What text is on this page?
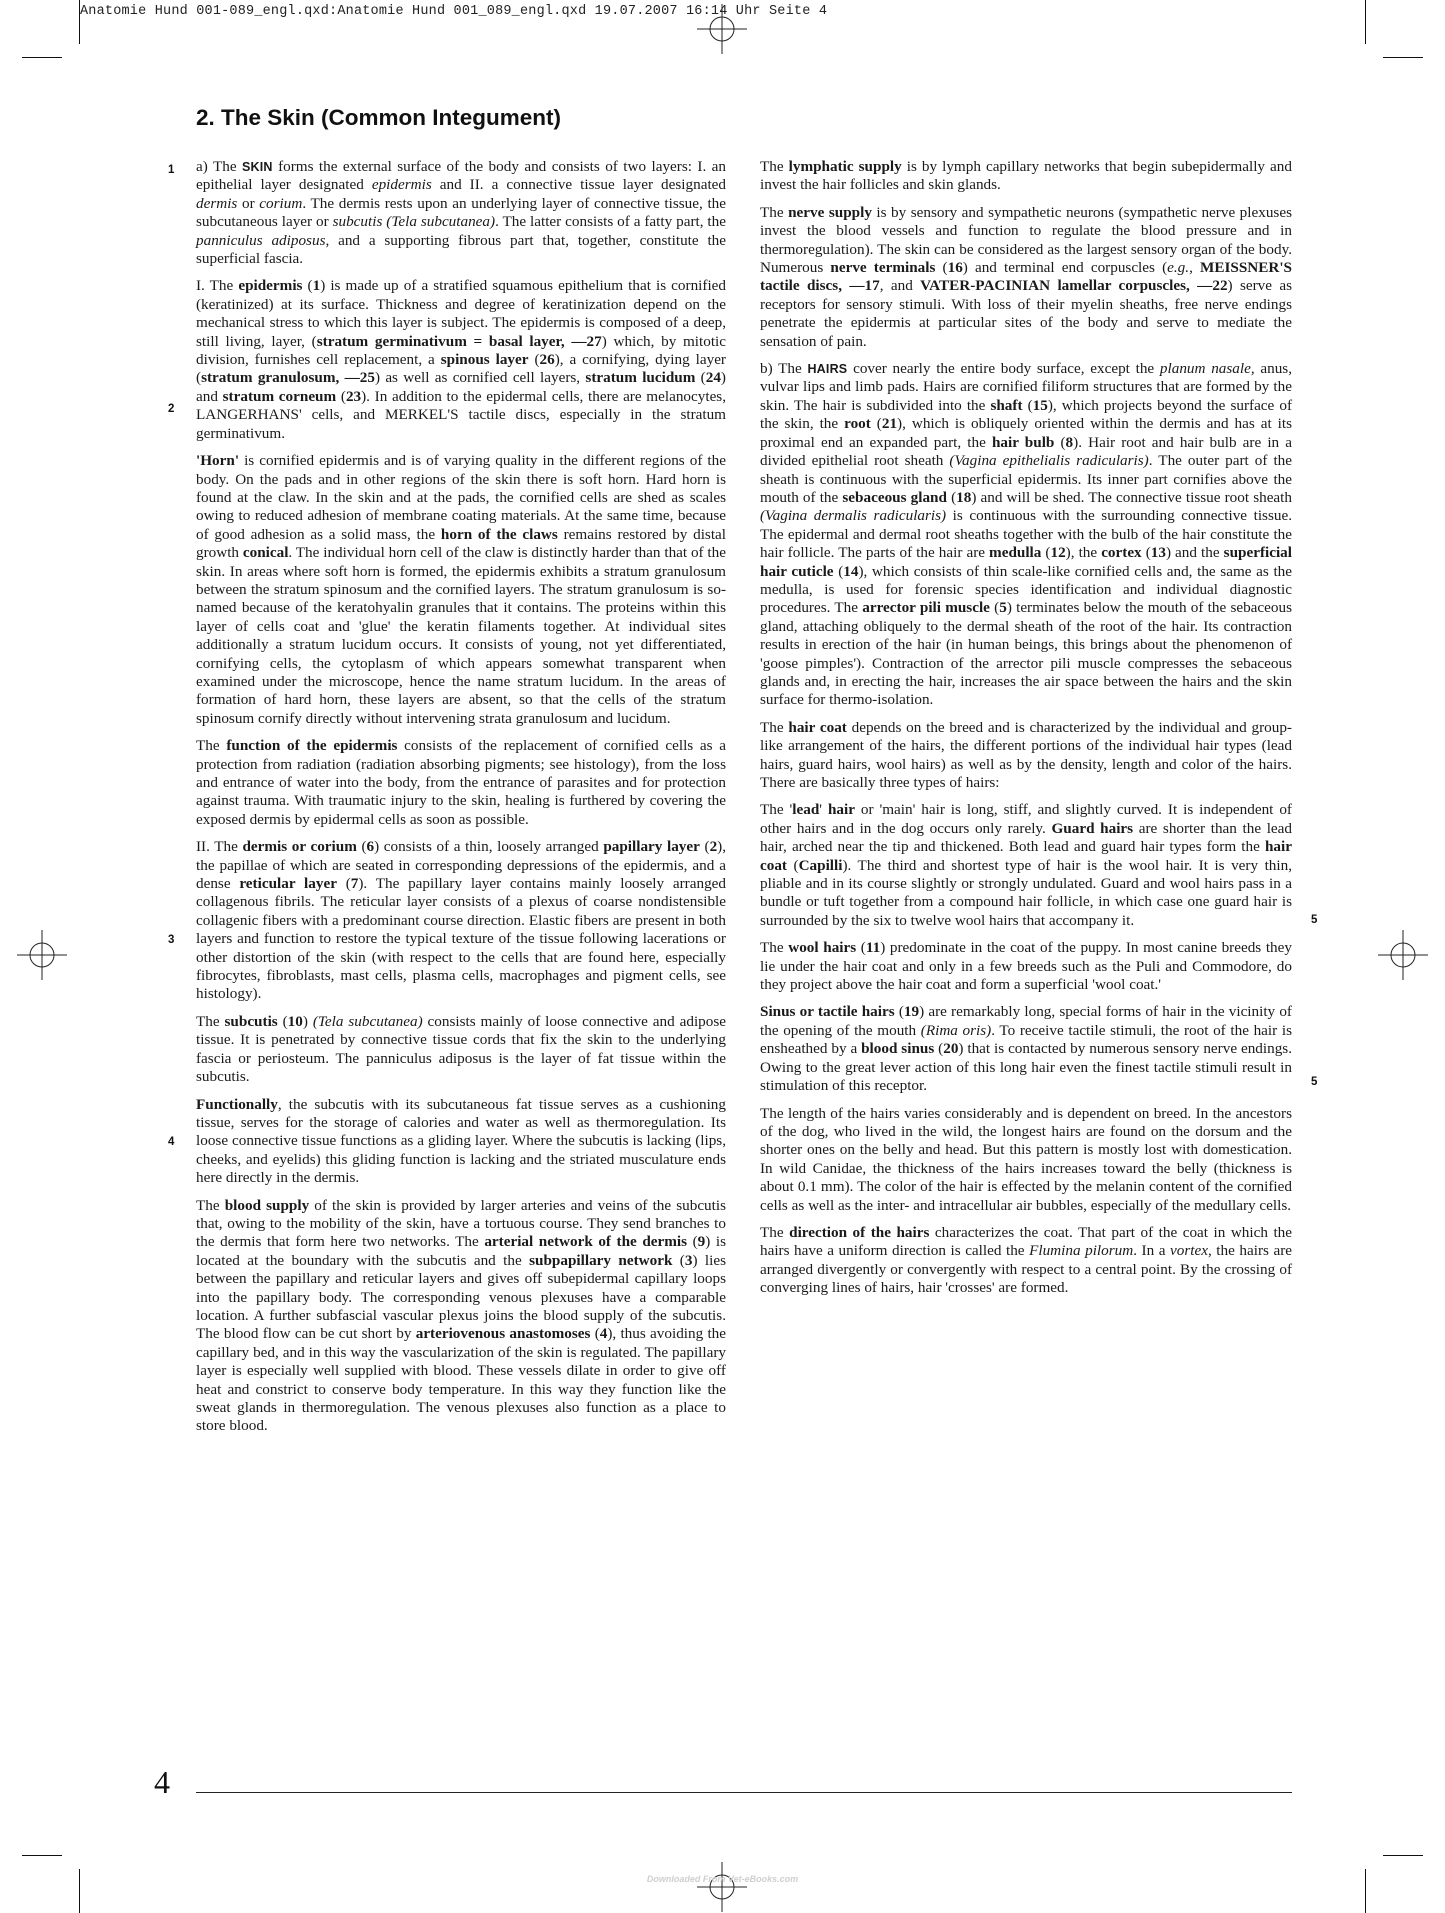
Anatomie Hund 001-089_engl.qxd:Anatomie Hund 001_089_engl.qxd 19.07.2007 16:14 Uhr Seite 4
2. The Skin (Common Integument)
1
2
3
4
5
5

a) The SKIN forms the external surface of the body and consists of two layers: I. an epithelial layer designated epidermis and II. a connective tissue layer designated dermis or corium. The dermis rests upon an underlying layer of connective tissue, the subcutaneous layer or subcutis (Tela subcutanea). The latter consists of a fatty part, the panniculus adiposus, and a supporting fibrous part that, together, constitute the superficial fascia.

I. The epidermis (1) is made up of a stratified squamous epithelium that is cornified (keratinized) at its surface. Thickness and degree of keratinization depend on the mechanical stress to which this layer is subject. The epidermis is composed of a deep, still living, layer, (stratum germinativum = basal layer, —27) which, by mitotic division, furnishes cell replacement, a spinous layer (26), a cornifying, dying layer (stratum granulosum, —25) as well as cornified cell layers, stratum lucidum (24) and stratum corneum (23). In addition to the epidermal cells, there are melanocytes, LANGERHANS' cells, and MERKEL'S tactile discs, especially in the stratum germinativum.

'Horn' is cornified epidermis and is of varying quality in the different regions of the body. On the pads and in other regions of the skin there is soft horn. Hard horn is found at the claw. In the skin and at the pads, the cornified cells are shed as scales owing to reduced adhesion of membrane coating materials. At the same time, because of good adhesion as a solid mass, the horn of the claws remains restored by distal growth conical. The individual horn cell of the claw is distinctly harder than that of the skin. In areas where soft horn is formed, the epidermis exhibits a stratum granulosum between the stratum spinosum and the cornified layers. The stratum granulosum is so-named because of the keratohyalin granules that it contains. The proteins within this layer of cells coat and 'glue' the keratin filaments together. At individual sites additionally a stratum lucidum occurs. It consists of young, not yet differentiated, cornifying cells, the cytoplasm of which appears somewhat transparent when examined under the microscope, hence the name stratum lucidum. In the areas of formation of hard horn, these layers are absent, so that the cells of the stratum spinosum cornify directly without intervening strata granulosum and lucidum.

The function of the epidermis consists of the replacement of cornified cells as a protection from radiation (radiation absorbing pigments; see histology), from the loss and entrance of water into the body, from the entrance of parasites and for protection against trauma. With traumatic injury to the skin, healing is furthered by covering the exposed dermis by epidermal cells as soon as possible.

II. The dermis or corium (6) consists of a thin, loosely arranged papillary layer (2), the papillae of which are seated in corresponding depressions of the epidermis, and a dense reticular layer (7). The papillary layer contains mainly loosely arranged collagenous fibrils. The reticular layer consists of a plexus of coarse nondistensible collagenic fibers with a predominant course direction. Elastic fibers are present in both layers and function to restore the typical texture of the tissue following lacerations or other distortion of the skin (with respect to the cells that are found here, especially fibrocytes, fibroblasts, mast cells, plasma cells, macrophages and pigment cells, see histology).

The subcutis (10) (Tela subcutanea) consists mainly of loose connective and adipose tissue. It is penetrated by connective tissue cords that fix the skin to the underlying fascia or periosteum. The panniculus adiposus is the layer of fat tissue within the subcutis.

Functionally, the subcutis with its subcutaneous fat tissue serves as a cushioning tissue, serves for the storage of calories and water as well as thermoregulation. Its loose connective tissue functions as a gliding layer. Where the subcutis is lacking (lips, cheeks, and eyelids) this gliding function is lacking and the striated musculature ends here directly in the dermis.

The blood supply of the skin is provided by larger arteries and veins of the subcutis that, owing to the mobility of the skin, have a tortuous course. They send branches to the dermis that form here two networks. The arterial network of the dermis (9) is located at the boundary with the subcutis and the subpapillary network (3) lies between the papillary and reticular layers and gives off subepidermal capillary loops into the papillary body. The corresponding venous plexuses have a comparable location. A further subfascial vascular plexus joins the blood supply of the subcutis. The blood flow can be cut short by arteriovenous anastomoses (4), thus avoiding the capillary bed, and in this way the vascularization of the skin is regulated. The papillary layer is especially well supplied with blood. These vessels dilate in order to give off heat and constrict to conserve body temperature. In this way they function like the sweat glands in thermoregulation. The venous plexuses also function as a place to store blood.

The lymphatic supply is by lymph capillary networks that begin subepidermally and invest the hair follicles and skin glands.

The nerve supply is by sensory and sympathetic neurons (sympathetic nerve plexuses invest the blood vessels and function to regulate the blood pressure and in thermoregulation). The skin can be considered as the largest sensory organ of the body. Numerous nerve terminals (16) and terminal end corpuscles (e.g., MEISSNER'S tactile discs, —17, and VATER-PACINIAN lamellar corpuscles, —22) serve as receptors for sensory stimuli. With loss of their myelin sheaths, free nerve endings penetrate the epidermis at particular sites of the body and serve to mediate the sensation of pain.

b) The HAIRS cover nearly the entire body surface, except the planum nasale, anus, vulvar lips and limb pads. Hairs are cornified filiform structures that are formed by the skin. The hair is subdivided into the shaft (15), which projects beyond the surface of the skin, the root (21), which is obliquely oriented within the dermis and has at its proximal end an expanded part, the hair bulb (8). Hair root and hair bulb are in a divided epithelial root sheath (Vagina epithelialis radicularis). The outer part of the sheath is continuous with the superficial epidermis. Its inner part cornifies above the mouth of the sebaceous gland (18) and will be shed. The connective tissue root sheath (Vagina dermalis radicularis) is continuous with the surrounding connective tissue. The epidermal and dermal root sheaths together with the bulb of the hair constitute the hair follicle. The parts of the hair are medulla (12), the cortex (13) and the superficial hair cuticle (14), which consists of thin scale-like cornified cells and, the same as the medulla, is used for forensic species identification and individual diagnostic procedures. The arrector pili muscle (5) terminates below the mouth of the sebaceous gland, attaching obliquely to the dermal sheath of the root of the hair. Its contraction results in erection of the hair (in human beings, this brings about the phenomenon of 'goose pimples'). Contraction of the arrector pili muscle compresses the sebaceous glands and, in erecting the hair, increases the air space between the hairs and the skin surface for thermo-isolation.

The hair coat depends on the breed and is characterized by the individual and group-like arrangement of the hairs, the different portions of the individual hair types (lead hairs, guard hairs, wool hairs) as well as by the density, length and color of the hairs. There are basically three types of hairs:

The 'lead' hair or 'main' hair is long, stiff, and slightly curved. It is independent of other hairs and in the dog occurs only rarely. Guard hairs are shorter than the lead hair, arched near the tip and thickened. Both lead and guard hair types form the hair coat (Capilli). The third and shortest type of hair is the wool hair. It is very thin, pliable and in its course slightly or strongly undulated. Guard and wool hairs pass in a bundle or tuft together from a compound hair follicle, in which case one guard hair is surrounded by the six to twelve wool hairs that accompany it.

The wool hairs (11) predominate in the coat of the puppy. In most canine breeds they lie under the hair coat and only in a few breeds such as the Puli and Commodore, do they project above the hair coat and form a superficial 'wool coat.'

Sinus or tactile hairs (19) are remarkably long, special forms of hair in the vicinity of the opening of the mouth (Rima oris). To receive tactile stimuli, the root of the hair is ensheathed by a blood sinus (20) that is contacted by numerous sensory nerve endings. Owing to the great lever action of this long hair even the finest tactile stimuli result in stimulation of this receptor.

The length of the hairs varies considerably and is dependent on breed. In the ancestors of the dog, who lived in the wild, the longest hairs are found on the dorsum and the shorter ones on the belly and head. But this pattern is mostly lost with domestication. In wild Canidae, the thickness of the hairs increases toward the belly (thickness is about 0.1 mm). The color of the hair is effected by the melanin content of the cornified cells as well as the inter- and intracellular air bubbles, especially of the medullary cells.

The direction of the hairs characterizes the coat. That part of the coat in which the hairs have a uniform direction is called the Flumina pilorum. In a vortex, the hairs are arranged divergently or convergently with respect to a central point. By the crossing of converging lines of hairs, hair 'crosses' are formed.

4
Downloaded From Vet-eBooks.com
